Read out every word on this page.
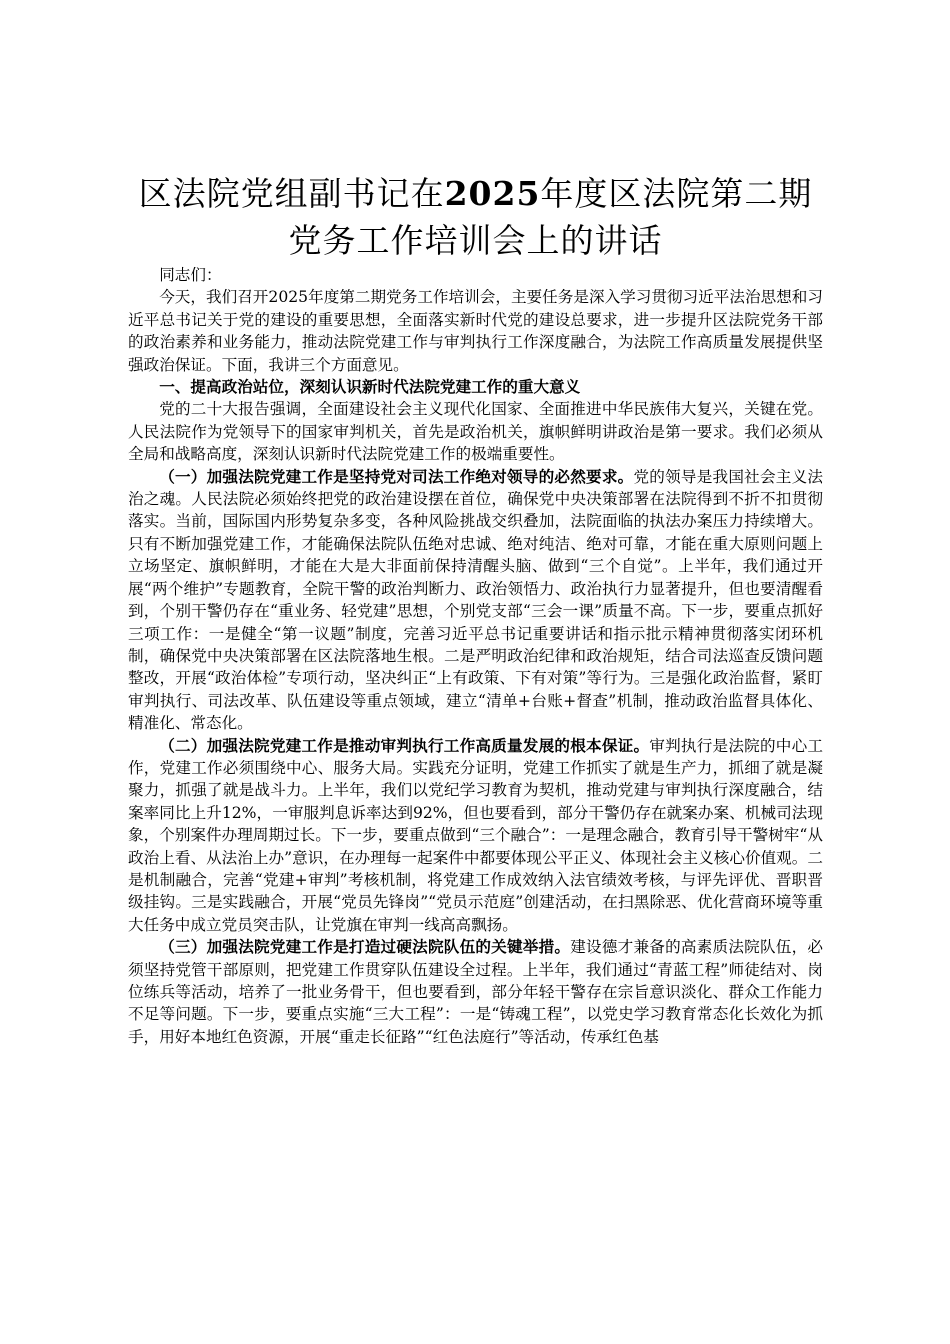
区法院党组副书记在2025年度区法院第二期
党务工作培训会上的讲话

同志们：

今天，我们召开2025年度第二期党务工作培训会，主要任务是深入学习贯彻习近平法治思想和习近平总书记关于党的建设的重要思想，全面落实新时代党的建设总要求，进一步提升区法院党务干部的政治素养和业务能力，推动法院党建工作与审判执行工作深度融合，为法院工作高质量发展提供坚强政治保证。下面，我讲三个方面意见。

一、提高政治站位，深刻认识新时代法院党建工作的重大意义

党的二十大报告强调，全面建设社会主义现代化国家、全面推进中华民族伟大复兴，关键在党。人民法院作为党领导下的国家审判机关，首先是政治机关，旗帜鲜明讲政治是第一要求。我们必须从全局和战略高度，深刻认识新时代法院党建工作的极端重要性。

（一）加强法院党建工作是坚持党对司法工作绝对领导的必然要求。党的领导是我国社会主义法治之魂。人民法院必须始终把党的政治建设摆在首位，确保党中央决策部署在法院得到不折不扣贯彻落实。当前，国际国内形势复杂多变，各种风险挑战交织叠加，法院面临的执法办案压力持续增大。只有不断加强党建工作，才能确保法院队伍绝对忠诚、绝对纯洁、绝对可靠，才能在重大原则问题上立场坚定、旗帜鲜明，才能在大是大非面前保持清醒头脑、做到“三个自觉”。上半年，我们通过开展“两个维护”专题教育，全院干警的政治判断力、政治领悟力、政治执行力显著提升，但也要清醒看到，个别干警仍存在“重业务、轻党建”思想，个别党支部“三会一课”质量不高。下一步，要重点抓好三项工作：一是健全“第一议题”制度，完善习近平总书记重要讲话和指示批示精神贯彻落实闭环机制，确保党中央决策部署在区法院落地生根。二是严明政治纪律和政治规矩，结合司法巡查反馈问题整改，开展“政治体检”专项行动，坚决纠正“上有政策、下有对策”等行为。三是强化政治监督，紧盯审判执行、司法改革、队伍建设等重点领域，建立“清单+台账+督查”机制，推动政治监督具体化、精准化、常态化。

（二）加强法院党建工作是推动审判执行工作高质量发展的根本保证。审判执行是法院的中心工作，党建工作必须围绕中心、服务大局。实践充分证明，党建工作抓实了就是生产力，抓细了就是凝聚力，抓强了就是战斗力。上半年，我们以党纪学习教育为契机，推动党建与审判执行深度融合，结案率同比上升12%，一审服判息诉率达到92%，但也要看到，部分干警仍存在就案办案、机械司法现象，个别案件办理周期过长。下一步，要重点做到“三个融合”：一是理念融合，教育引导干警树牢“从政治上看、从法治上办”意识，在办理每一起案件中都要体现公平正义、体现社会主义核心价值观。二是机制融合，完善“党建+审判”考核机制，将党建工作成效纳入法官绩效考核，与评先评优、晋职晋级挂钩。三是实践融合，开展“党员先锋岗”“党员示范庭”创建活动，在扫黑除恶、优化营商环境等重大任务中成立党员突击队，让党旗在审判一线高高飘扬。

（三）加强法院党建工作是打造过硬法院队伍的关键举措。建设德才兼备的高素质法院队伍，必须坚持党管干部原则，把党建工作贯穿队伍建设全过程。上半年，我们通过“青蓝工程”师徒结对、岗位练兵等活动，培养了一批业务骨干，但也要看到，部分年轻干警存在宗旨意识淡化、群众工作能力不足等问题。下一步，要重点实施“三大工程”：一是“铸魂工程”，以党史学习教育常态化长效化为抓手，用好本地红色资源，开展“重走长征路”“红色法庭行”等活动，传承红色基
